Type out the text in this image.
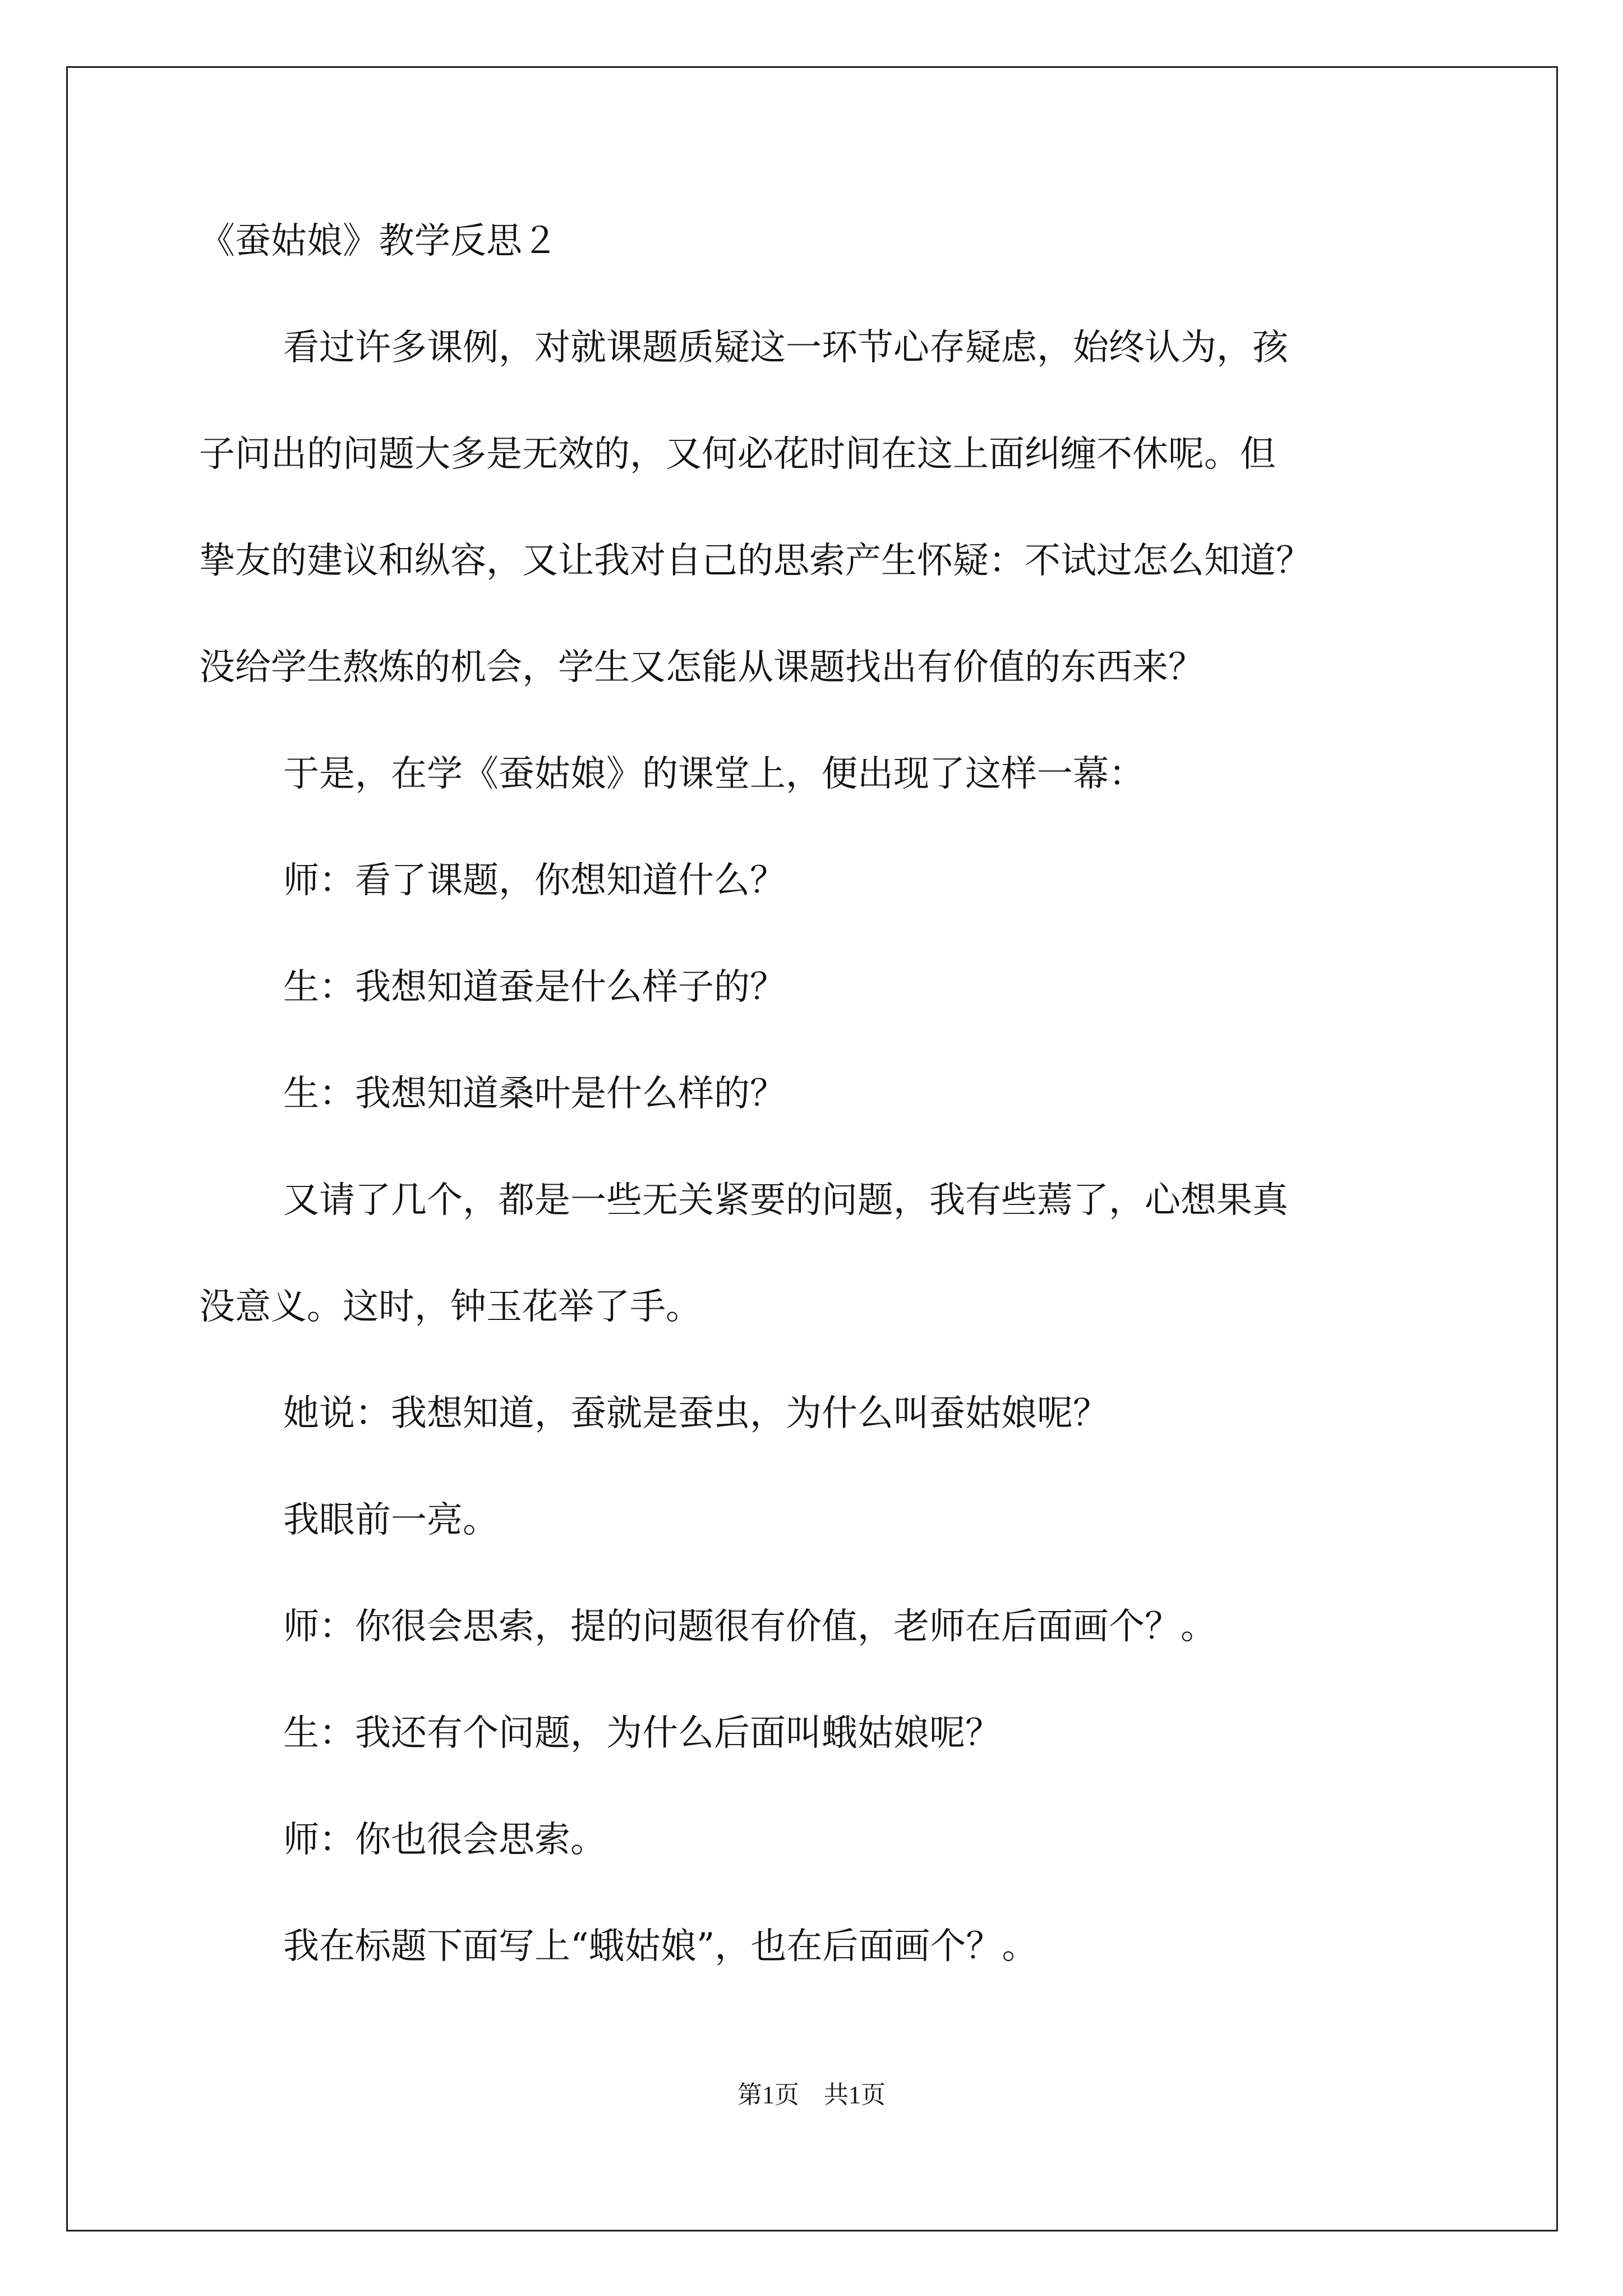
《蚕姑娘》教学反思２
看过许多课例，对就课题质疑这一环节心存疑虑，始终认为，孩
子问出的问题大多是无效的，又何必花时间在这上面纠缠不休呢。但
挚友的建议和纵容，又让我对自己的思索产生怀疑：不试过怎么知道？
没给学生熬炼的机会，学生又怎能从课题找出有价值的东西来？
于是，在学《蚕姑娘》的课堂上，便出现了这样一幕：
师：看了课题，你想知道什么？
生：我想知道蚕是什么样子的？
生：我想知道桑叶是什么样的？
又请了几个，都是一些无关紧要的问题，我有些蔫了，心想果真
没意义。这时，钟玉花举了手。
她说：我想知道，蚕就是蚕虫，为什么叫蚕姑娘呢？
我眼前一亮。
师：你很会思索，提的问题很有价值，老师在后面画个？。
生：我还有个问题，为什么后面叫蛾姑娘呢？
师：你也很会思索。
我在标题下面写上“蛾姑娘”，也在后面画个？。
第1页　共1页
